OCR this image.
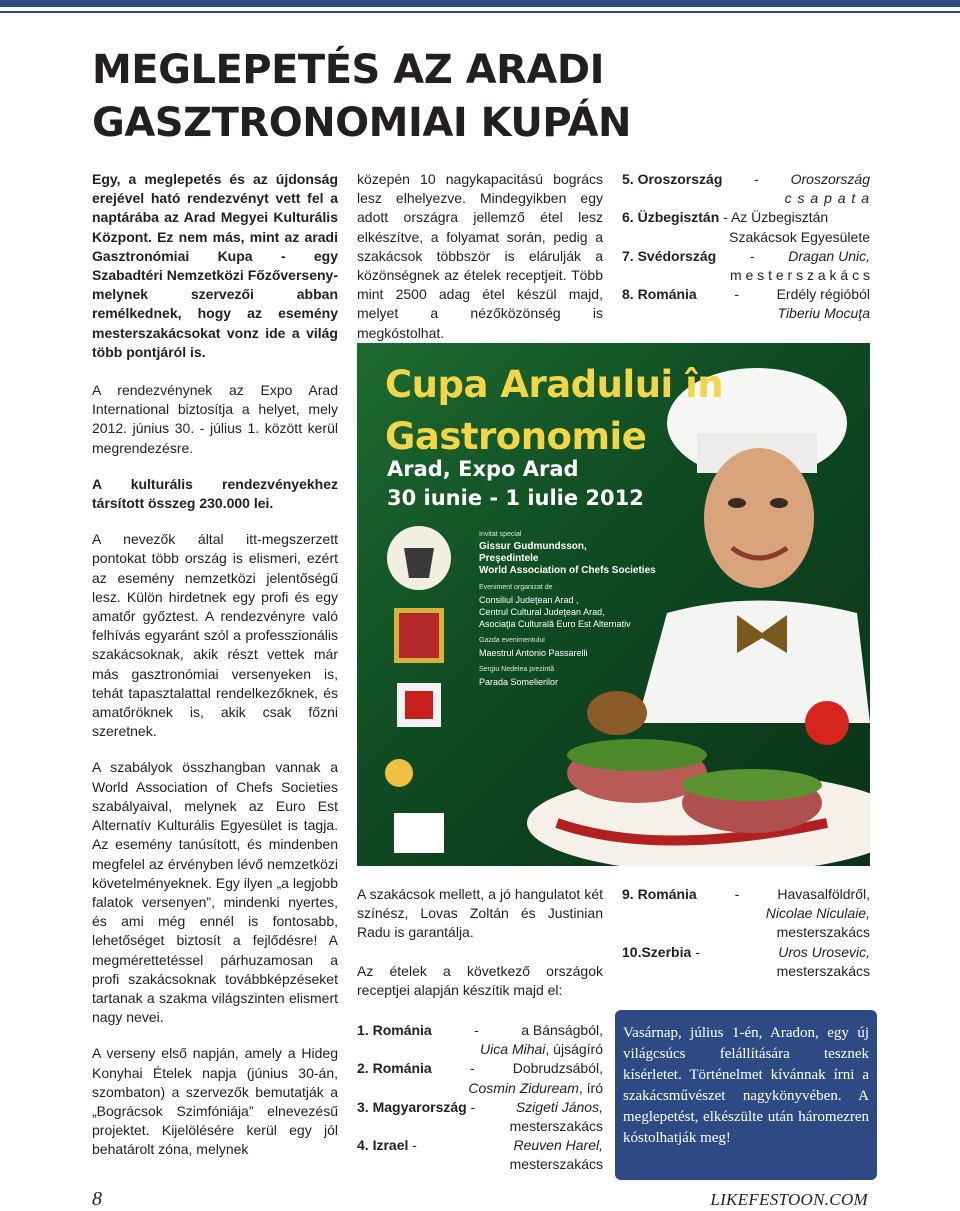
MEGLEPETÉS AZ ARADI
GASZTRONOMIAI KUPÁN

Egy, a meglepetés és az újdonság erejével ható rendezvényt vett fel a naptárába az Arad Megyei Kulturális Központ. Ez nem más, mint az aradi Gasztronómiai Kupa - egy Szabadtéri Nemzetközi Főzőverseny- melynek szervezői abban remélkednek, hogy az esemény mesterszakácsokat vonz ide a világ több pontjáról is.

A rendezvénynek az Expo Arad International biztosítja a helyet, mely 2012. június 30. - július 1. között kerül megrendezésre.

A kulturális rendezvényekhez társított összeg 230.000 lei.

A nevezők által itt-megszerzett pontokat több ország is elismeri, ezért az esemény nemzetközi jelentőségű lesz. Külön hirdetnek egy profi és egy amatőr győztest. A rendezvényre való felhívás egyaránt szól a professzionális szakácsoknak, akik részt vettek már más gasztronómiai versenyeken is, tehát tapasztalattal rendelkezőknek, és amatőröknek is, akik csak főzni szeretnek.

A szabályok összhangban vannak a World Association of Chefs Societies szabályaival, melynek az Euro Est Alternatív Kulturális Egyesület is tagja. Az esemény tanúsított, és mindenben megfelel az érvényben lévő nemzetközi követelményeknek. Egy ilyen „a legjobb falatok versenyen”, mindenki nyertes, és ami még ennél is fontosabb, lehetőséget biztosít a fejlődésre! A megmérettetéssel párhuzamosan a profi szakácsoknak továbbképzéseket tartanak a szakma világszinten elismert nagy nevei.

A verseny első napján, amely a Hideg Konyhai Ételek napja (június 30-án, szombaton) a szervezők bemutatják a „Bográcsok Szimfóniája” elnevezésű projektet. Kijelölésére kerül egy jól behatárolt zóna, melynek

közepén 10 nagykapacitású bogrács lesz elhelyezve. Mindegyikben egy adott országra jellemző étel lesz elkészítve, a folyamat során, pedig a szakácsok többször is elárulják a közönségnek az ételek receptjeit. Több mint 2500 adag étel készül majd, melyet a nézőközönség is megkóstolhat.

5. Oroszország - Oroszország
c s a p a t a
6. Üzbegisztán - Az Üzbegisztán
Szakácsok Egyesülete
7. Svédország - Dragan Unic,
m e s t e r s z a k á c s
8. Románia	-	Erdély régióból
Tiberiu Mocuţa
Cupa Aradului în
Gastronomie
Arad, Expo Arad
30 iunie - 1 iulie 2012
Invitat special
Gissur Gudmundsson,
Preşedintele
World Association of Chefs Societies
Eveniment organizat de
Consiliul Judeţean Arad ,
Centrul Cultural Judeţean Arad,
Asociaţia Culturală Euro Est Alternativ
Gazda evenimentului
Maestrul Antonio Passarelli
Sergiu Nedelea prezintă
Parada Somelierilor

A szakácsok mellett, a jó hangulatot két színész, Lovas Zoltán és Justinian Radu is garantálja.

Az ételek a következő országok receptjei alapján készítik majd el:

1. Románia	-	a Bánságból,
Uica Mihai, újságíró
2. Románia	-	Dobrudzsából,
Cosmin Ziduream, író
3. Magyarország -	Szigeti János,
mesterszakács
4. Izrael -	Reuven Harel,
mesterszakács
9. Románia	-	Havasalföldről,
Nicolae Niculaie,
mesterszakács
10.Szerbia -	Uros Urosevic,
mesterszakács
Vasárnap, július 1-én, Aradon, egy új világcsúcs felállítására tesznek kísérletet. Történelmet kívánnak írni a szakácsművészet nagykönyvében. A meglepetést, elkészülte után háromezren kóstolhatják meg!
8	LIKEFESTOON.COM
